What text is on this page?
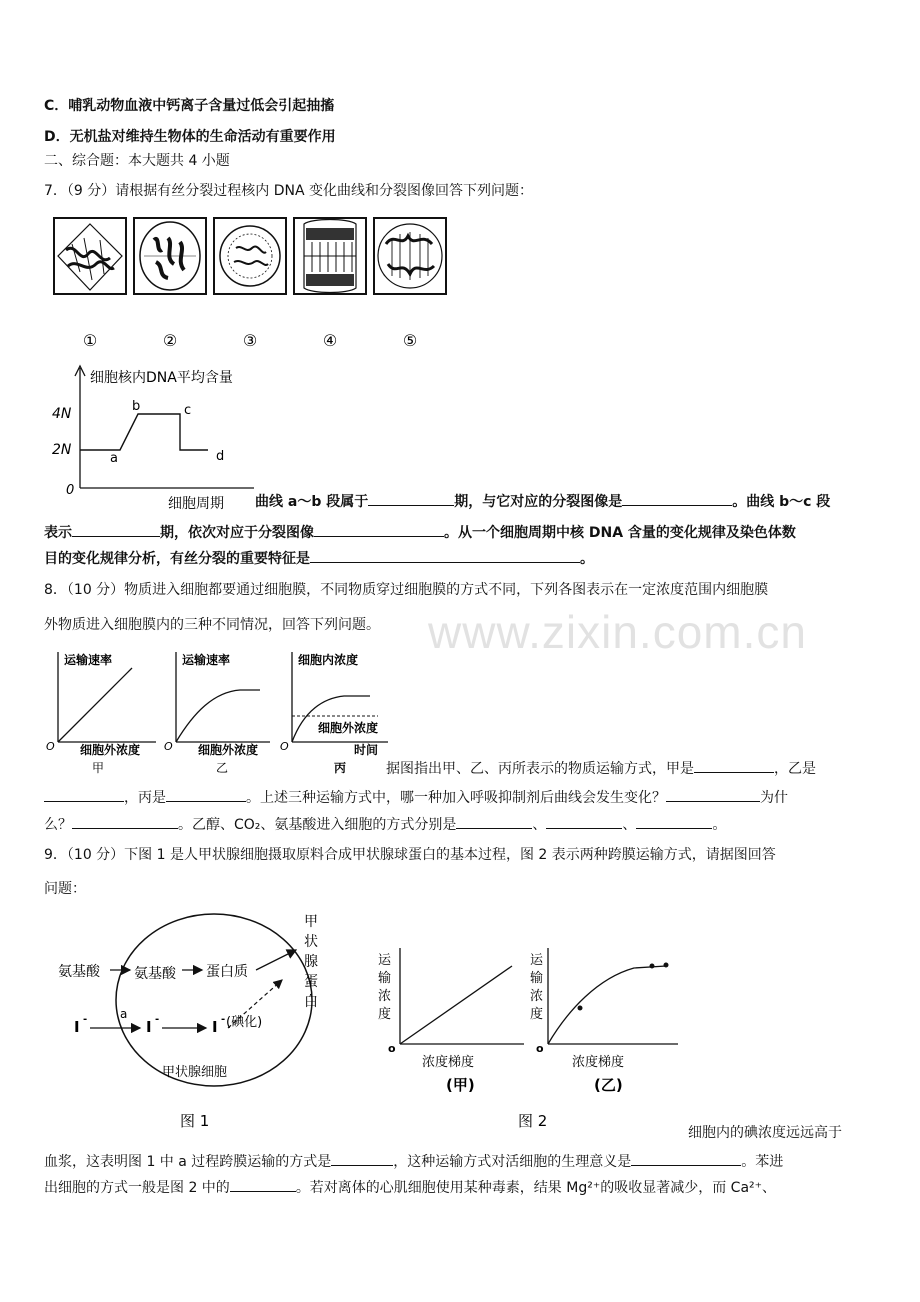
C．哺乳动物血液中钙离子含量过低会引起抽搐
D．无机盐对维持生物体的生命活动有重要作用
二、综合题：本大题共 4 小题
7．（9 分）请根据有丝分裂过程核内 DNA 变化曲线和分裂图像回答下列问题：
①	②	③	④	⑤
细胞核内DNA平均含量
4N
2N
0
a
b	c
d
细胞周期 曲线 a～b 段属于	期，与它对应的分裂图像是	。曲线 b～c 段
表示	期，依次对应于分裂图像	。从一个细胞周期中核 DNA 含量的变化规律及染色体数
目的变化规律分析，有丝分裂的重要特征是	。
8．（10 分）物质进入细胞都要通过细胞膜，不同物质穿过细胞膜的方式不同，下列各图表示在一定浓度范围内细胞膜
外物质进入细胞膜内的三种不同情况，回答下列问题。
运输速率
O 细胞外浓度
甲
运输速率
O 细胞外浓度
乙
细胞内浓度
细胞外浓度
O	时间
丙	据图指出甲、乙、丙所表示的物质运输方式，甲是	，乙是
，丙是	。上述三种运输方式中，哪一种加入呼吸抑制剂后曲线会发生变化？	为什
么？	。乙醇、CO₂、氨基酸进入细胞的方式分别是	、	、	。
9．（10 分）下图 1 是人甲状腺细胞摄取原料合成甲状腺球蛋白的基本过程，图 2 表示两种跨膜运输方式，请据图回答
问题：
氨基酸 氨基酸 蛋白质
I -	a
I -	I - (碘化)
甲状腺细胞
甲
状
腺
蛋
白
图 1
运
输
浓
度
o
浓度梯度
(甲)
运
输
浓
度
o
浓度梯度
(乙)
图 2
细胞内的碘浓度远远高于
血浆，这表明图 1 中 a 过程跨膜运输的方式是	，这种运输方式对活细胞的生理意义是	。苯进
出细胞的方式一般是图 2 中的	。若对离体的心肌细胞使用某种毒素，结果 Mg²⁺的吸收显著减少，而 Ca²⁺、
www.zixin.com.cn
